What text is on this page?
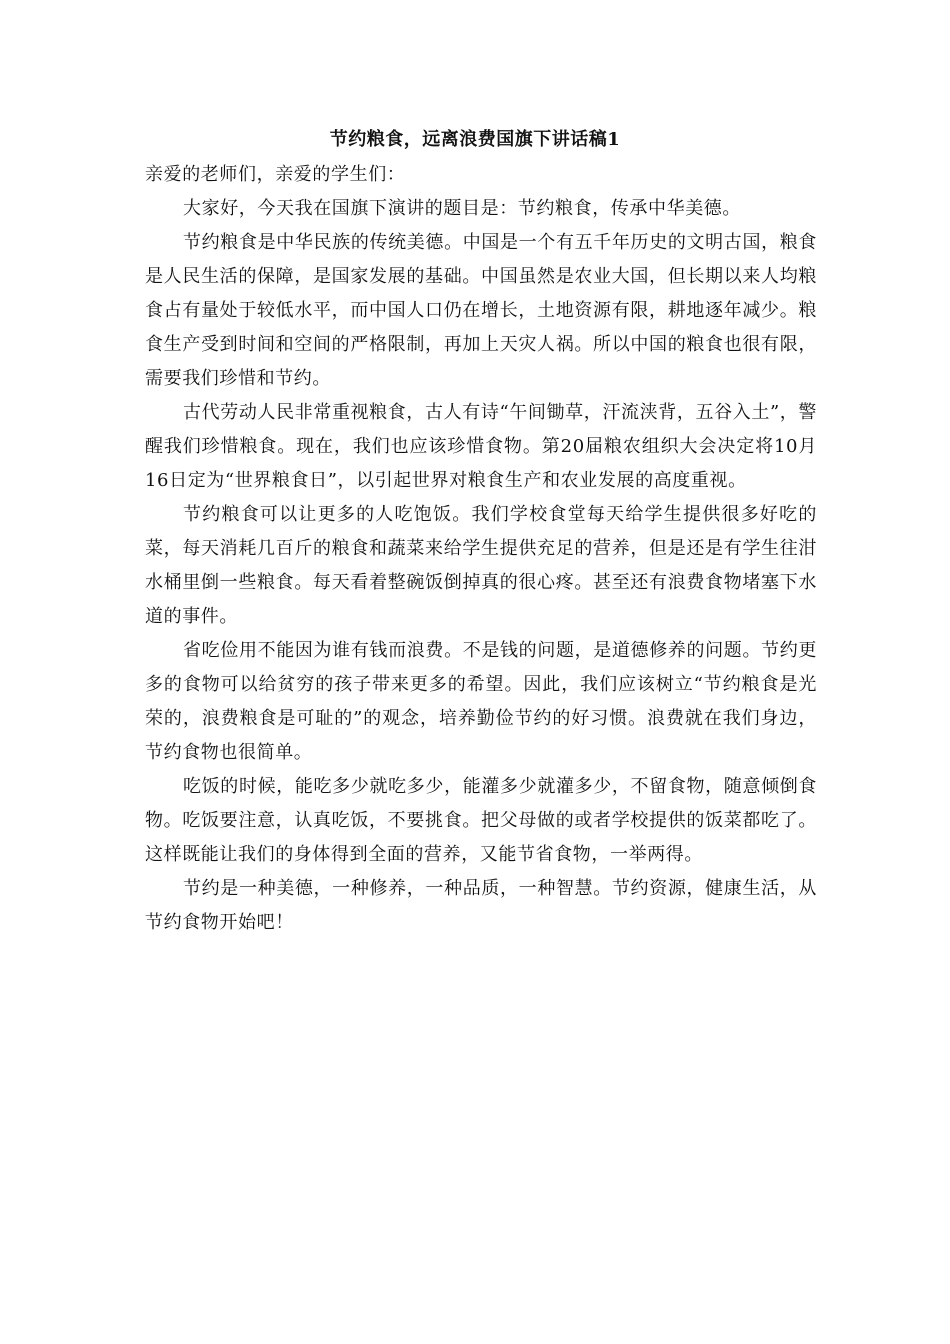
节约粮食，远离浪费国旗下讲话稿1

亲爱的老师们，亲爱的学生们：

大家好，今天我在国旗下演讲的题目是：节约粮食，传承中华美德。

节约粮食是中华民族的传统美德。中国是一个有五千年历史的文明古国，粮食是人民生活的保障，是国家发展的基础。中国虽然是农业大国，但长期以来人均粮食占有量处于较低水平，而中国人口仍在增长，土地资源有限，耕地逐年减少。粮食生产受到时间和空间的严格限制，再加上天灾人祸。所以中国的粮食也很有限，需要我们珍惜和节约。

古代劳动人民非常重视粮食，古人有诗“午间锄草，汗流浃背，五谷入土”，警醒我们珍惜粮食。现在，我们也应该珍惜食物。第20届粮农组织大会决定将10月16日定为“世界粮食日”，以引起世界对粮食生产和农业发展的高度重视。

节约粮食可以让更多的人吃饱饭。我们学校食堂每天给学生提供很多好吃的菜，每天消耗几百斤的粮食和蔬菜来给学生提供充足的营养，但是还是有学生往泔水桶里倒一些粮食。每天看着整碗饭倒掉真的很心疼。甚至还有浪费食物堵塞下水道的事件。

省吃俭用不能因为谁有钱而浪费。不是钱的问题，是道德修养的问题。节约更多的食物可以给贫穷的孩子带来更多的希望。因此，我们应该树立“节约粮食是光荣的，浪费粮食是可耻的”的观念，培养勤俭节约的好习惯。浪费就在我们身边，节约食物也很简单。

吃饭的时候，能吃多少就吃多少，能灌多少就灌多少，不留食物，随意倾倒食物。吃饭要注意，认真吃饭，不要挑食。把父母做的或者学校提供的饭菜都吃了。这样既能让我们的身体得到全面的营养，又能节省食物，一举两得。

节约是一种美德，一种修养，一种品质，一种智慧。节约资源，健康生活，从节约食物开始吧！
